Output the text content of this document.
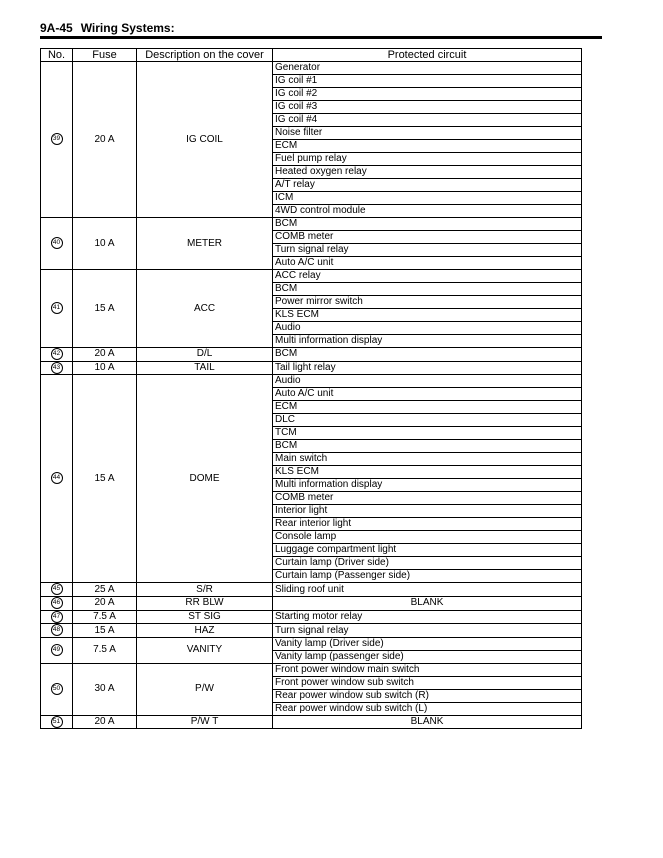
9A-45 Wiring Systems:
No.	Fuse	Description on the cover	Protected circuit
39	20 A	IG COIL	Generator
			IG coil #1
			IG coil #2
			IG coil #3
			IG coil #4
			Noise filter
			ECM
			Fuel pump relay
			Heated oxygen relay
			A/T relay
			ICM
			4WD control module
40	10 A	METER	BCM
			COMB meter
			Turn signal relay
			Auto A/C unit
41	15 A	ACC	ACC relay
			BCM
			Power mirror switch
			KLS ECM
			Audio
			Multi information display
42	20 A	D/L	BCM
43	10 A	TAIL	Tail light relay
44	15 A	DOME	Audio
			Auto A/C unit
			ECM
			DLC
			TCM
			BCM
			Main switch
			KLS ECM
			Multi information display
			COMB meter
			Interior light
			Rear interior light
			Console lamp
			Luggage compartment light
			Curtain lamp (Driver side)
			Curtain lamp (Passenger side)
45	25 A	S/R	Sliding roof unit
46	20 A	RR BLW	BLANK
47	7.5 A	ST SIG	Starting motor relay
48	15 A	HAZ	Turn signal relay
49	7.5 A	VANITY	Vanity lamp (Driver side)
			Vanity lamp (passenger side)
50	30 A	P/W	Front power window main switch
			Front power window sub switch
			Rear power window sub switch (R)
			Rear power window sub switch (L)
51	20 A	P/W T	BLANK
